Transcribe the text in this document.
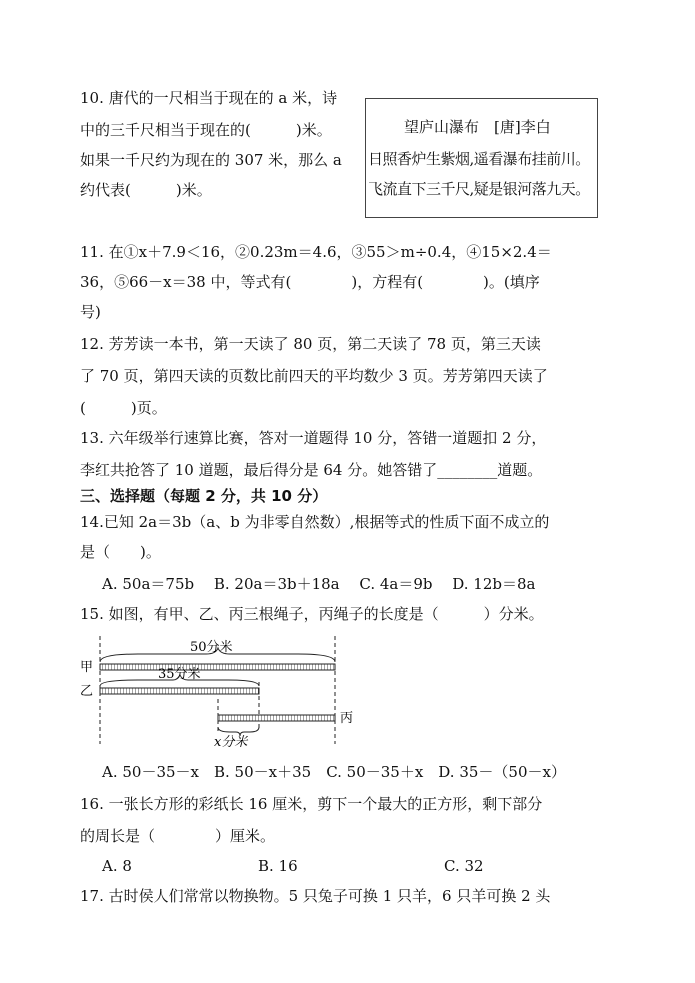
10. 唐代的一尺相当于现在的 a 米，诗
中的三千尺相当于现在的(　　　)米。
如果一千尺约为现在的 307 米，那么 a
约代表(　　　)米。
望庐山瀑布　[唐]李白
日照香炉生紫烟,遥看瀑布挂前川。
飞流直下三千尺,疑是银河落九天。
11. 在①x＋7.9＜16，②0.23m＝4.6，③55＞m÷0.4，④15×2.4＝
36，⑤66－x＝38 中，等式有(　　　　)，方程有(　　　　)。(填序
号)
12. 芳芳读一本书，第一天读了 80 页，第二天读了 78 页，第三天读
了 70 页，第四天读的页数比前四天的平均数少 3 页。芳芳第四天读了
(　　　)页。
13. 六年级举行速算比赛，答对一道题得 10 分，答错一道题扣 2 分，
李红共抢答了 10 道题，最后得分是 64 分。她答错了________道题。
三、选择题（每题 2 分，共 10 分）
14.已知 2a＝3b（a、b 为非零自然数）,根据等式的性质下面不成立的
是（　　)。
A. 50a＝75b　 B. 20a＝3b＋18a　 C. 4a＝9b　 D. 12b＝8a
15. 如图，有甲、乙、丙三根绳子，丙绳子的长度是（　　　）分米。
50分米
甲	35分米
乙
丙
x分米
A. 50－35－x　B. 50－x＋35　C. 50－35＋x　D. 35－（50－x）
16. 一张长方形的彩纸长 16 厘米，剪下一个最大的正方形，剩下部分
的周长是（　　　　）厘米。
A. 8	B. 16	C. 32
17. 古时侯人们常常以物换物。5 只兔子可换 1 只羊，6 只羊可换 2 头
